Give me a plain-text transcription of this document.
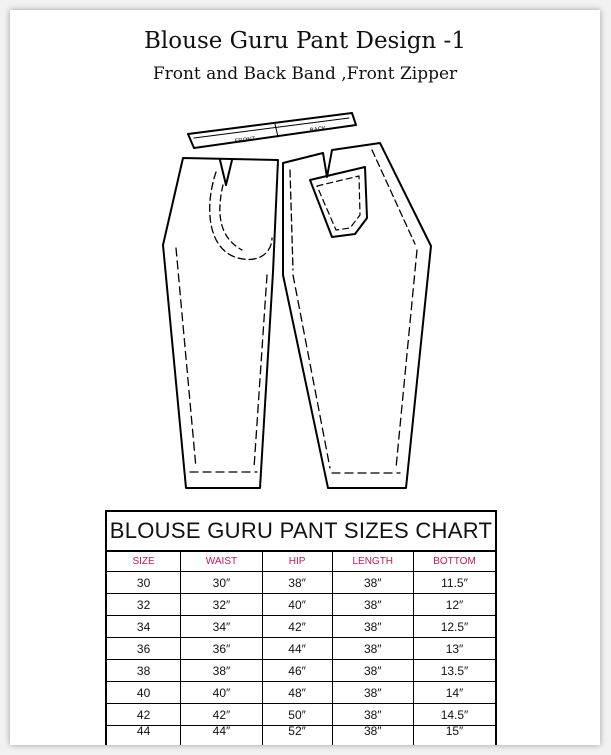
Blouse Guru Pant Design -1
Front and Back Band ,Front Zipper
FRONT
BACK
BLOUSE GURU PANT SIZES CHART
SIZE	WAIST	HIP	LENGTH	BOTTOM
30	30″	38″	38″	11.5″
32	32″	40″	38″	12″
34	34″	42″	38″	12.5″
36	36″	44″	38″	13″
38	38″	46″	38″	13.5″
40	40″	48″	38″	14″
42	42″	50″	38″	14.5″
44	44″	52″	38″	15″
